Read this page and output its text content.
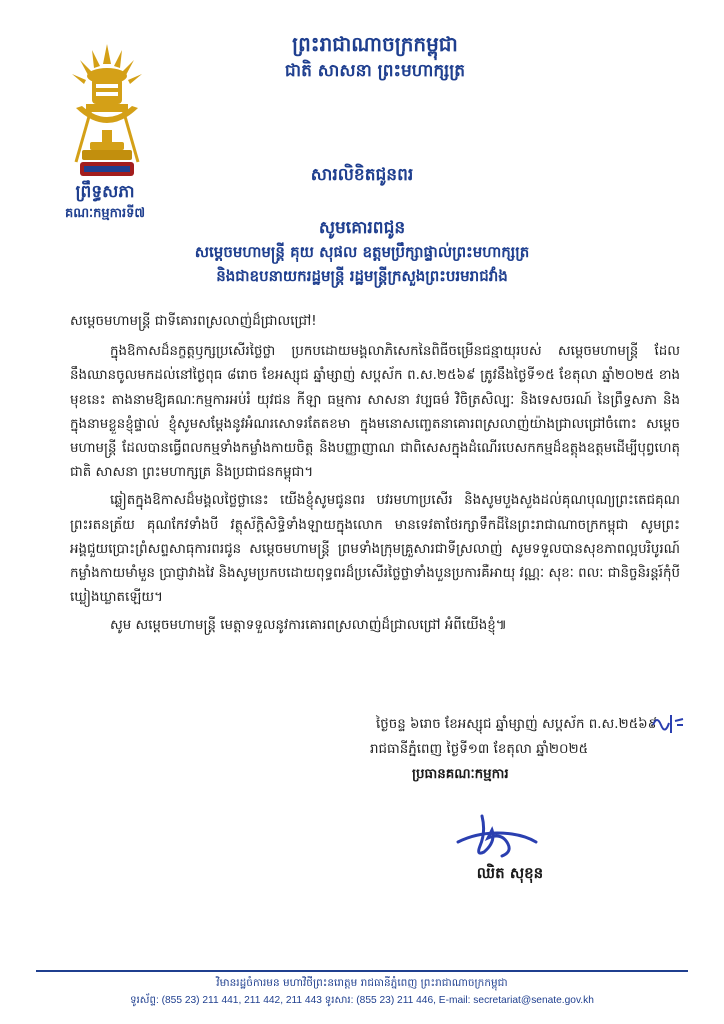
ព្រះរាជាណាចក្រកម្ពុជា
ជាតិ សាសនា ព្រះមហាក្សត្រ
ព្រឹទ្ធសភា
គណៈកម្មការទី៧
សារលិខិតជូនពរ
សូមគោរពជូន
សម្តេចមហាមន្ត្រី គុយ សុផល ឧត្តមប្រឹក្សាផ្ទាល់ព្រះមហាក្សត្រ
និងជាឧបនាយករដ្ឋមន្ត្រី រដ្ឋមន្ត្រីក្រសួងព្រះបរមរាជវាំង

សម្តេចមហាមន្ត្រី ជាទីគោរពស្រលាញ់ដ៏ជ្រាលជ្រៅ!

ក្នុងឱកាសដ៏នក្ខត្តឫក្សប្រសើរថ្លៃថ្លា ប្រកបដោយមង្គលាភិសេកនៃពិធីចម្រើនជន្មាយុរបស់ សម្តេចមហាមន្ត្រី ដែលនឹងឈានចូលមកដល់នៅថ្ងៃពុធ ៨រោច ខែអស្សុជ ឆ្នាំម្សាញ់ សប្តស័ក ព.ស.២៥៦៩ ត្រូវនឹងថ្ងៃទី១៥ ខែតុលា ឆ្នាំ២០២៥ ខាងមុខនេះ តាងនាមឱ្យគណៈកម្មការអប់រំ យុវជន កីឡា ធម្មការ សាសនា វប្បធម៌ វិចិត្រសិល្បៈ និងទេសចរណ៍ នៃព្រឹទ្ធសភា និងក្នុងនាមខ្លួនខ្ញុំផ្ទាល់ ខ្ញុំសូមសម្តែងនូវអំណរសោទរតែតខមា ក្នុងមនោសញ្ចេតនាគោរពស្រលាញ់យ៉ាងជ្រាលជ្រៅចំពោះ សម្តេចមហាមន្ត្រី ដែលបានធ្វើពលកម្មទាំងកម្លាំងកាយចិត្ត និងបញ្ញាញាណ ជាពិសេសក្នុងដំណើរបេសកកម្មដ៏ឧត្តុងឧត្តមដើម្បីបុព្វហេតុ ជាតិ សាសនា ព្រះមហាក្សត្រ និងប្រជាជនកម្ពុជា។

ឆ្លៀតក្នុងឱកាសដ៏មង្គលថ្លៃថ្លានេះ យើងខ្ញុំសូមជូនពរ បវរមហាប្រសើរ និងសូមបួងសួងដល់គុណបុណ្យព្រះតេជគុណព្រះរតនត្រ័យ គុណកែវទាំងបី វត្ថុស័ក្តិសិទ្ធិទាំងឡាយក្នុងលោក មានទេវតាថែរក្សាទឹកដីនៃព្រះរាជាណាចក្រកម្ពុជា សូមព្រះអង្គជួយប្រោះព្រំសព្ទសាធុការពរជូន សម្តេចមហាមន្ត្រី ព្រមទាំងក្រុមគ្រួសារជាទីស្រលាញ់ សូមទទួលបានសុខភាពល្អបរិបូរណ៍ កម្លាំងកាយមាំមួន ប្រាជ្ញាវាងវៃ និងសូមប្រកបដោយពុទ្ធពរដ៏ប្រសើរថ្លៃថ្លាទាំងបួនប្រការគឺអាយុ វណ្ណៈ សុខៈ ពលៈ ជានិច្ចនិរន្តរ៍កុំបីឃ្លៀងឃ្លាតឡើយ។

សូម សម្តេចមហាមន្ត្រី មេត្តាទទួលនូវការគោរពស្រលាញ់ដ៏ជ្រាលជ្រៅ អំពីយើងខ្ញុំ៕

ថ្ងៃចន្ទ ៦រោច ខែអស្សុជ ឆ្នាំម្សាញ់ សប្តស័ក ព.ស.២៥៦៩
រាជធានីភ្នំពេញ ថ្ងៃទី១៣ ខែតុលា ឆ្នាំ២០២៥
ប្រធានគណៈកម្មការ
ឈិត សុខុន
វិមានរដ្ឋចំការមន មហាវិថីព្រះនរោត្តម រាជធានីភ្នំពេញ ព្រះរាជាណាចក្រកម្ពុជា
ទូរស័ព្ទ: (855 23) 211 441, 211 442, 211 443 ទូរសារ: (855 23) 211 446, E-mail: secretariat@senate.gov.kh
